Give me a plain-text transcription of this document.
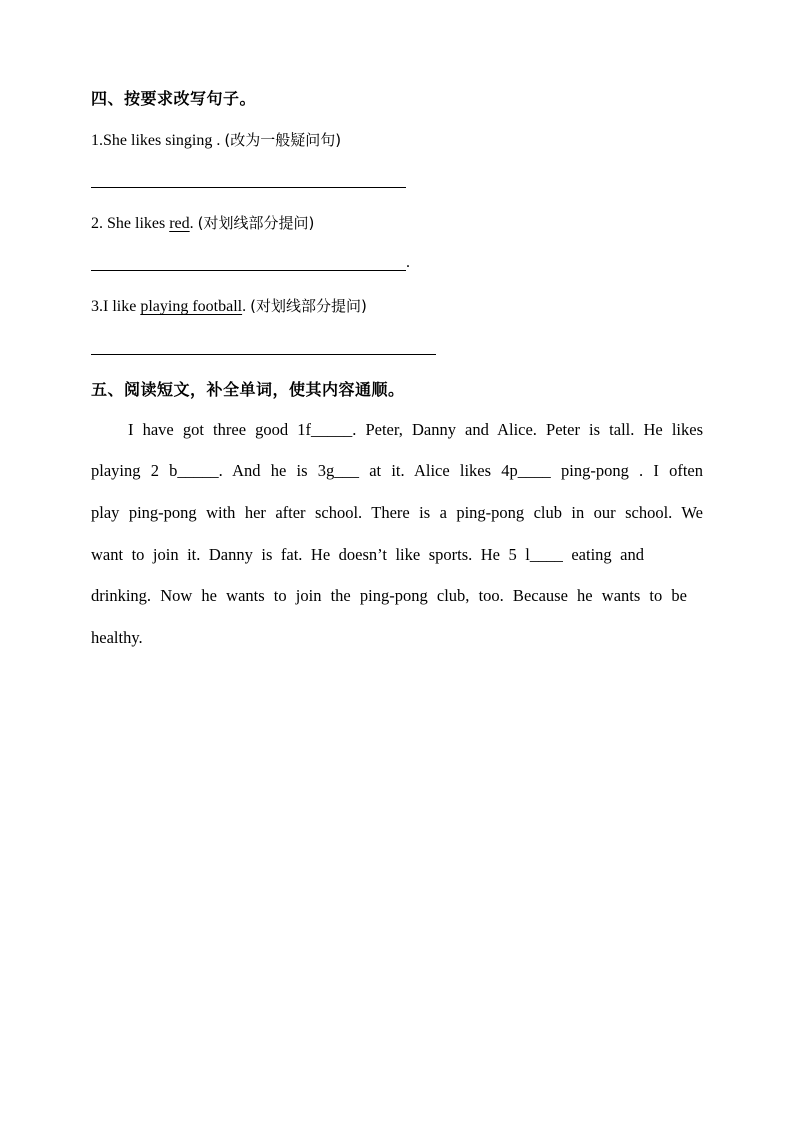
四、按要求改写句子。
1.She likes singing . (改为一般疑问句)
2. She likes red. (对划线部分提问)
.
3.I like playing football. (对划线部分提问)
五、阅读短文，补全单词，使其内容通顺。
I have got three good 1f_____. Peter, Danny and Alice. Peter is tall. He likes
playing 2 b_____. And he is 3g___ at it. Alice likes 4p____ ping-pong . I often
play ping-pong with her after school. There is a ping-pong club in our school. We
want to join it. Danny is fat. He doesn’t like sports. He 5 l____ eating and
drinking. Now he wants to join the ping-pong club, too. Because he wants to be
healthy.
